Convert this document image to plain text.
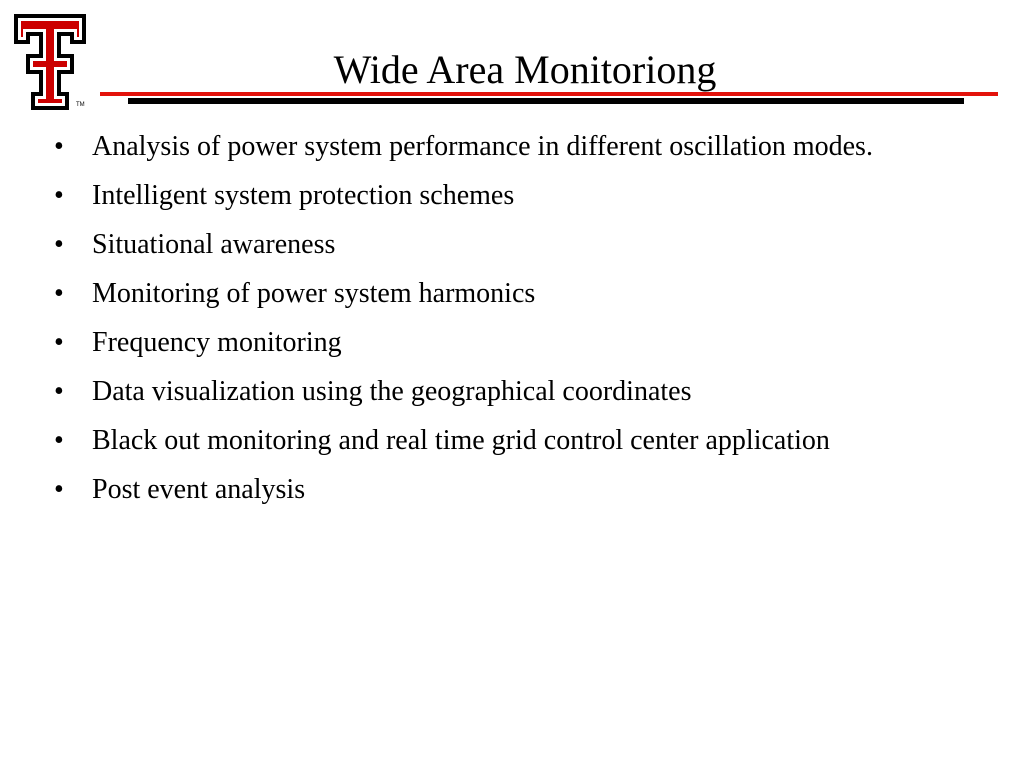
TM
Wide Area Monitoriong
•	Analysis of power system performance in different oscillation modes.
•	Intelligent system protection schemes
•	Situational awareness
•	Monitoring of power system harmonics
•	Frequency monitoring
•	Data visualization using the geographical coordinates
•	Black out monitoring and real time grid control center application
•	Post event analysis
